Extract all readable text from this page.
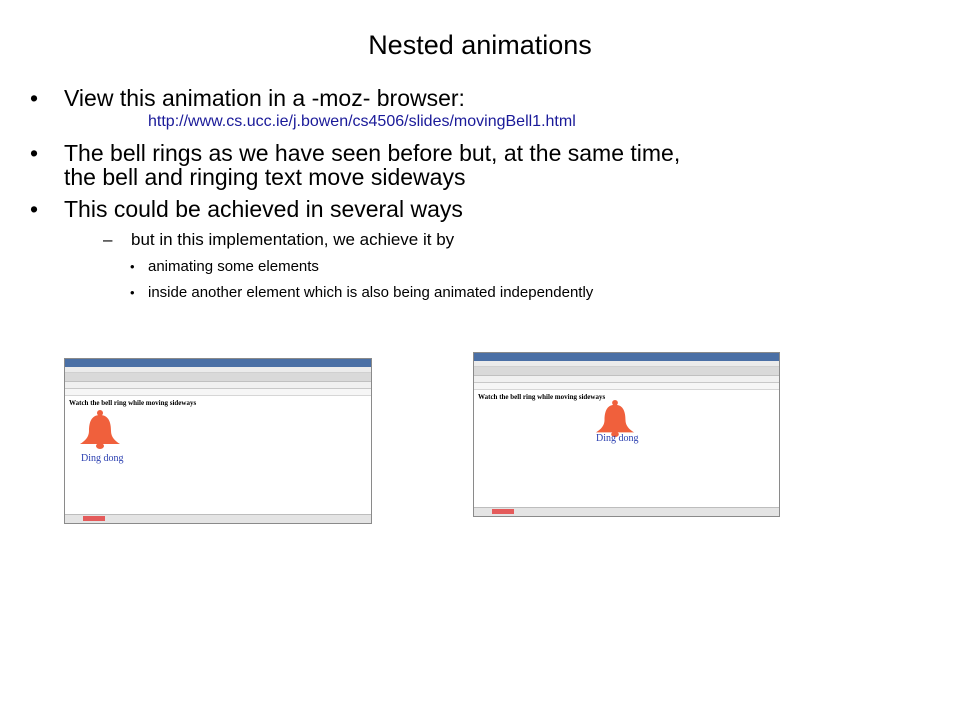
Nested animations
• View this animation in a -moz- browser:
http://www.cs.ucc.ie/j.bowen/cs4506/slides/movingBell1.html
• The bell rings as we have seen before but, at the same time,
the bell and ringing text move sideways
• This could be achieved in several ways
– but in this implementation, we achieve it by
• animating some elements
• inside another element which is also being animated independently
Watch the bell ring while moving sideways
Ding dong
Watch the bell ring while moving sideways
Ding dong
